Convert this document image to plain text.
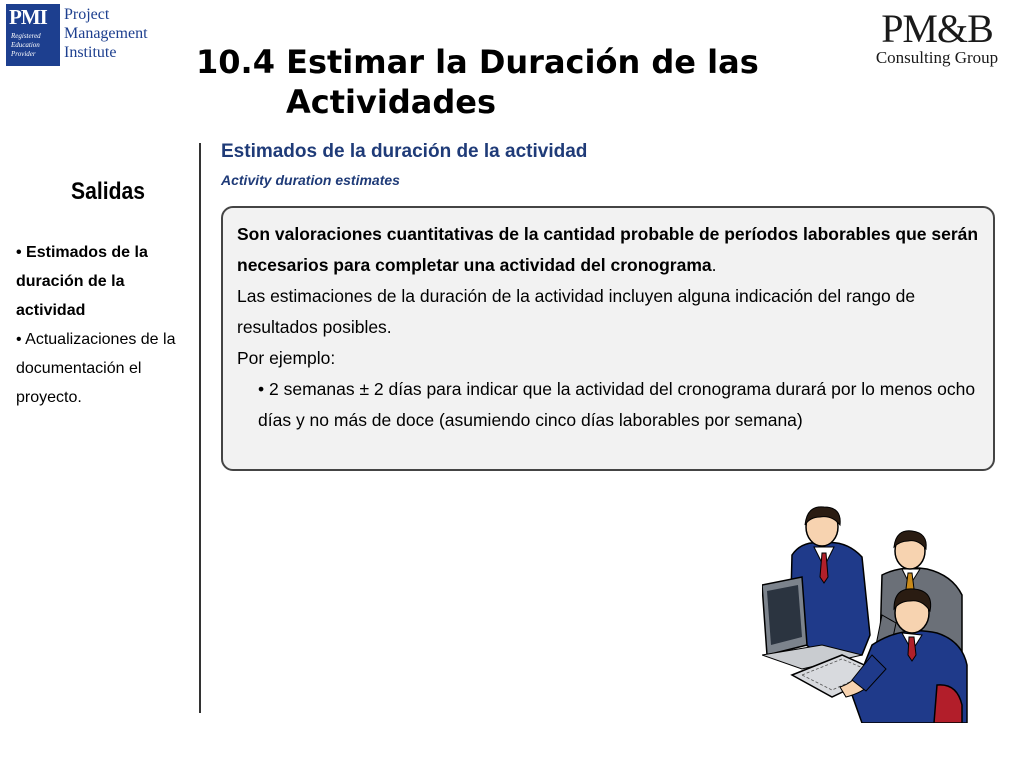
PMI
Registered
Education
Provider
Project
Management
Institute
PM&B
Consulting Group
10.4 Estimar la Duración de las
Actividades
Salidas
• Estimados de la duración de la actividad
• Actualizaciones de la documentación el proyecto.
Estimados de la duración de la actividad
Activity duration estimates
Son valoraciones cuantitativas de la cantidad probable de períodos laborables que serán necesarios para completar una actividad del cronograma.
Las estimaciones de la duración de la actividad incluyen alguna indicación del rango de resultados posibles.
Por ejemplo:
• 2 semanas ± 2 días para indicar que la actividad del cronograma durará por lo menos ocho días y no más de doce (asumiendo cinco días laborables por semana)
